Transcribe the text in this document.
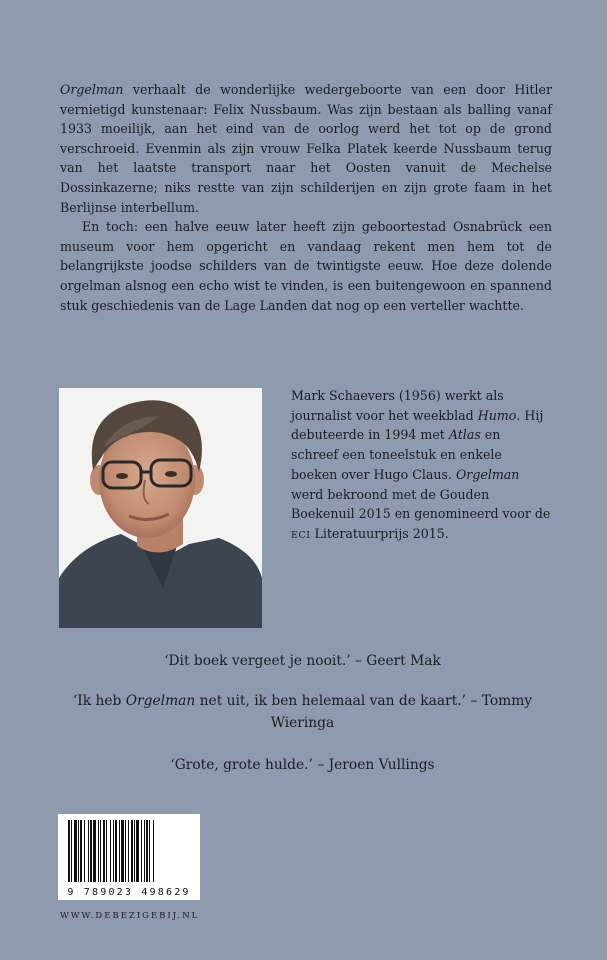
Orgelman verhaalt de wonderlijke wedergeboorte van een door Hitler vernietigd kunstenaar: Felix Nussbaum. Was zijn bestaan als balling vanaf 1933 moeilijk, aan het eind van de oorlog werd het tot op de grond verschroeid. Evenmin als zijn vrouw Felka Platek keerde Nussbaum terug van het laatste transport naar het Oosten vanuit de Mechelse Dossinkazerne; niks restte van zijn schilderijen en zijn grote faam in het Berlijnse interbellum.

En toch: een halve eeuw later heeft zijn geboortestad Osnabrück een museum voor hem opgericht en vandaag rekent men hem tot de belangrijkste joodse schilders van de twintigste eeuw. Hoe deze dolende orgelman alsnog een echo wist te vinden, is een buitengewoon en spannend stuk geschiedenis van de Lage Landen dat nog op een verteller wachtte.

Mark Schaevers (1956) werkt als journalist voor het weekblad Humo. Hij debuteerde in 1994 met Atlas en schreef een toneelstuk en enkele boeken over Hugo Claus. Orgelman werd bekroond met de Gouden Boekenuil 2015 en genomineerd voor de ECI Literatuurprijs 2015.

‘Dit boek vergeet je nooit.’ – Geert Mak

‘Ik heb Orgelman net uit, ik ben helemaal van de kaart.’ – Tommy Wieringa

‘Grote, grote hulde.’ – Jeroen Vullings

9 789023 498629
WWW.DEBEZIGEBIJ.NL
